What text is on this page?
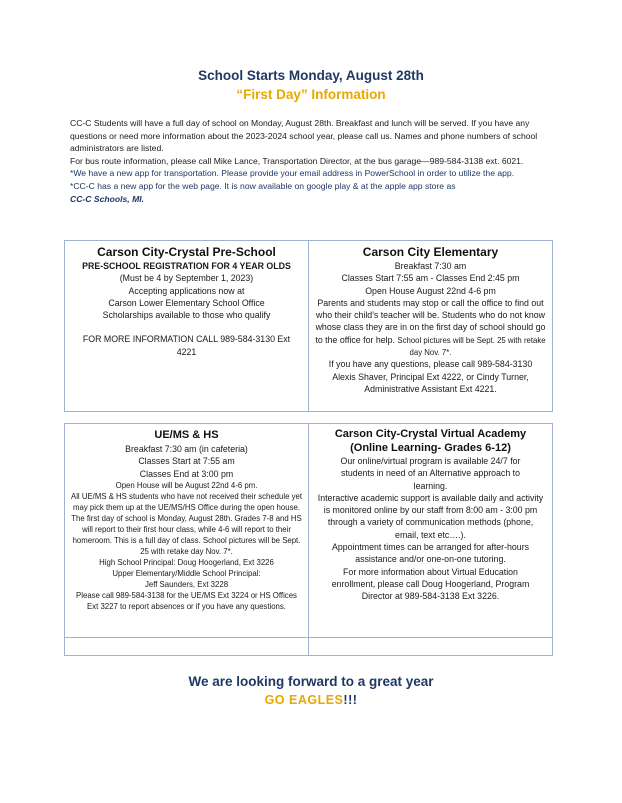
School Starts Monday, August 28th
“First Day” Information

CC-C Students will have a full day of school on Monday, August 28th. Breakfast and lunch will be served. If you have any questions or need more information about the 2023-2024 school year, please call us. Names and phone numbers of school administrators are listed.

For bus route information, please call Mike Lance, Transportation Director, at the bus garage—989-584-3138 ext. 6021.

*We have a new app for transportation. Please provide your email address in PowerSchool in order to utilize the app.

*CC-C has a new app for the web page. It is now available on google play & at the apple app store as
CC-C Schools, MI.

Carson City-Crystal Pre-School
PRE-SCHOOL REGISTRATION FOR 4 YEAR OLDS
(Must be 4 by September 1, 2023)
Accepting applications now at
Carson Lower Elementary School Office
Scholarships available to those who qualify
FOR MORE INFORMATION CALL 989-584-3130 Ext 4221
Carson City Elementary
Breakfast 7:30 am
Classes Start 7:55 am - Classes End 2:45 pm
Open House August 22nd 4-6 pm
Parents and students may stop or call the office to find out who their child's teacher will be. Students who do not know whose class they are in on the first day of school should go to the office for help. School pictures will be Sept. 25 with retake day Nov. 7*.
If you have any questions, please call 989-584-3130 Alexis Shaver, Principal Ext 4222, or Cindy Turner, Administrative Assistant Ext 4221.
UE/MS & HS
Breakfast 7:30 am (in cafeteria)
Classes Start at 7:55 am
Classes End at 3:00 pm
Open House will be August 22nd 4-6 pm.
All UE/MS & HS students who have not received their schedule yet may pick them up at the UE/MS/HS Office during the open house.
The first day of school is Monday, August 28th. Grades 7-8 and HS will report to their first hour class, while 4-6 will report to their homeroom. This is a full day of class. School pictures will be Sept. 25 with retake day Nov. 7*.
High School Principal: Doug Hoogerland, Ext 3226
Upper Elementary/Middle School Principal:
Jeff Saunders, Ext 3228
Please call 989-584-3138 for the UE/MS Ext 3224 or HS Offices Ext 3227 to report absences or if you have any questions.
Carson City-Crystal Virtual Academy
(Online Learning- Grades 6-12)
Our online/virtual program is available 24/7 for students in need of an Alternative approach to learning.
Interactive academic support is available daily and activity is monitored online by our staff from 8:00 am - 3:00 pm through a variety of communication methods (phone, email, text etc….).
Appointment times can be arranged for after-hours assistance and/or one-on-one tutoring.
For more information about Virtual Education enrollment, please call Doug Hoogerland, Program Director at 989-584-3138 Ext 3226.
We are looking forward to a great year
GO EAGLES!!!
